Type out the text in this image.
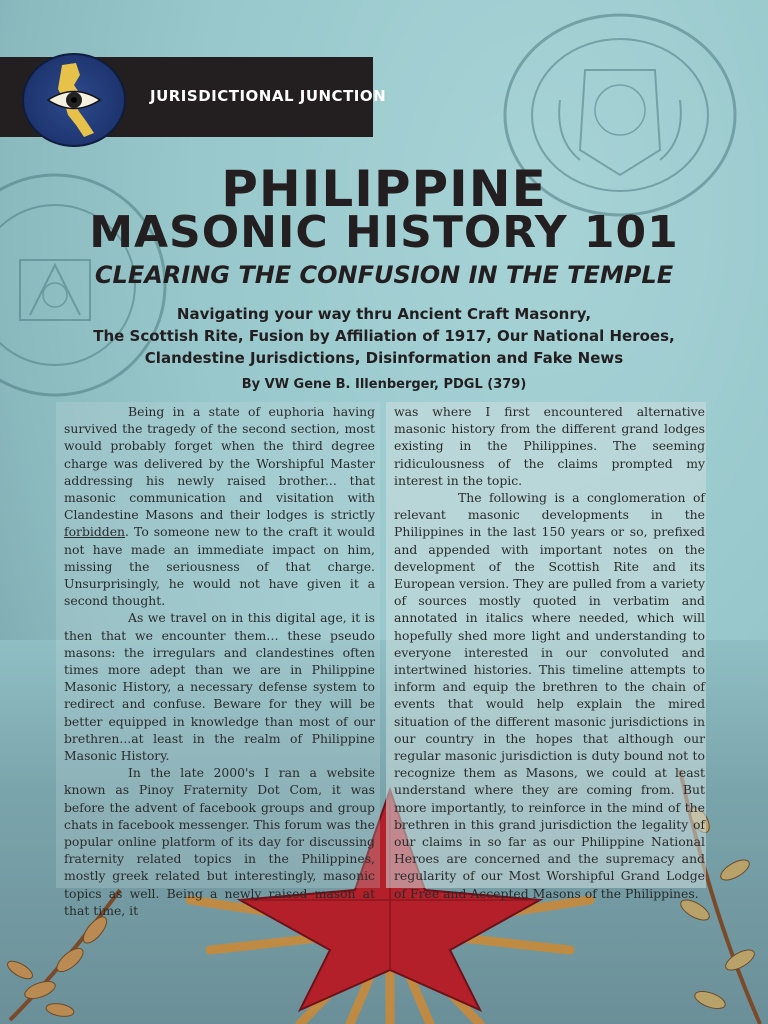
JURISDICTIONAL JUNCTION
PHILIPPINE
MASONIC HISTORY 101
CLEARING THE CONFUSION IN THE TEMPLE
Navigating your way thru Ancient Craft Masonry,
The Scottish Rite, Fusion by Affiliation of 1917, Our National Heroes,
Clandestine Jurisdictions, Disinformation and Fake News
By VW Gene B. Illenberger, PDGL (379)

Being in a state of euphoria having survived the tragedy of the second section, most would probably forget when the third degree charge was delivered by the Worshipful Master addressing his newly raised brother... that masonic communication and visitation with Clandestine Masons and their lodges is strictly forbidden. To someone new to the craft it would not have made an immediate impact on him, missing the seriousness of that charge. Unsurprisingly, he would not have given it a second thought.

As we travel on in this digital age, it is then that we encounter them… these pseudo masons: the irregulars and clandestines often times more adept than we are in Philippine Masonic History, a necessary defense system to redirect and confuse. Beware for they will be better equipped in knowledge than most of our brethren...at least in the realm of Philippine Masonic History.

In the late 2000's I ran a website known as Pinoy Fraternity Dot Com, it was before the advent of facebook groups and group chats in facebook messenger. This forum was the popular online platform of its day for discussing fraternity related topics in the Philippines, mostly greek related but interestingly, masonic topics as well. Being a newly raised mason at that time, it

was where I first encountered alternative masonic history from the different grand lodges existing in the Philippines. The seeming ridiculousness of the claims prompted my interest in the topic.

The following is a conglomeration of relevant masonic developments in the Philippines in the last 150 years or so, prefixed and appended with important notes on the development of the Scottish Rite and its European version. They are pulled from a variety of sources mostly quoted in verbatim and annotated in italics where needed, which will hopefully shed more light and understanding to everyone interested in our convoluted and intertwined histories. This timeline attempts to inform and equip the brethren to the chain of events that would help explain the mired situation of the different masonic jurisdictions in our country in the hopes that although our regular masonic jurisdiction is duty bound not to recognize them as Masons, we could at least understand where they are coming from. But more importantly, to reinforce in the mind of the brethren in this grand jurisdiction the legality of our claims in so far as our Philippine National Heroes are concerned and the supremacy and regularity of our Most Worshipful Grand Lodge of Free and Accepted Masons of the Philippines.
